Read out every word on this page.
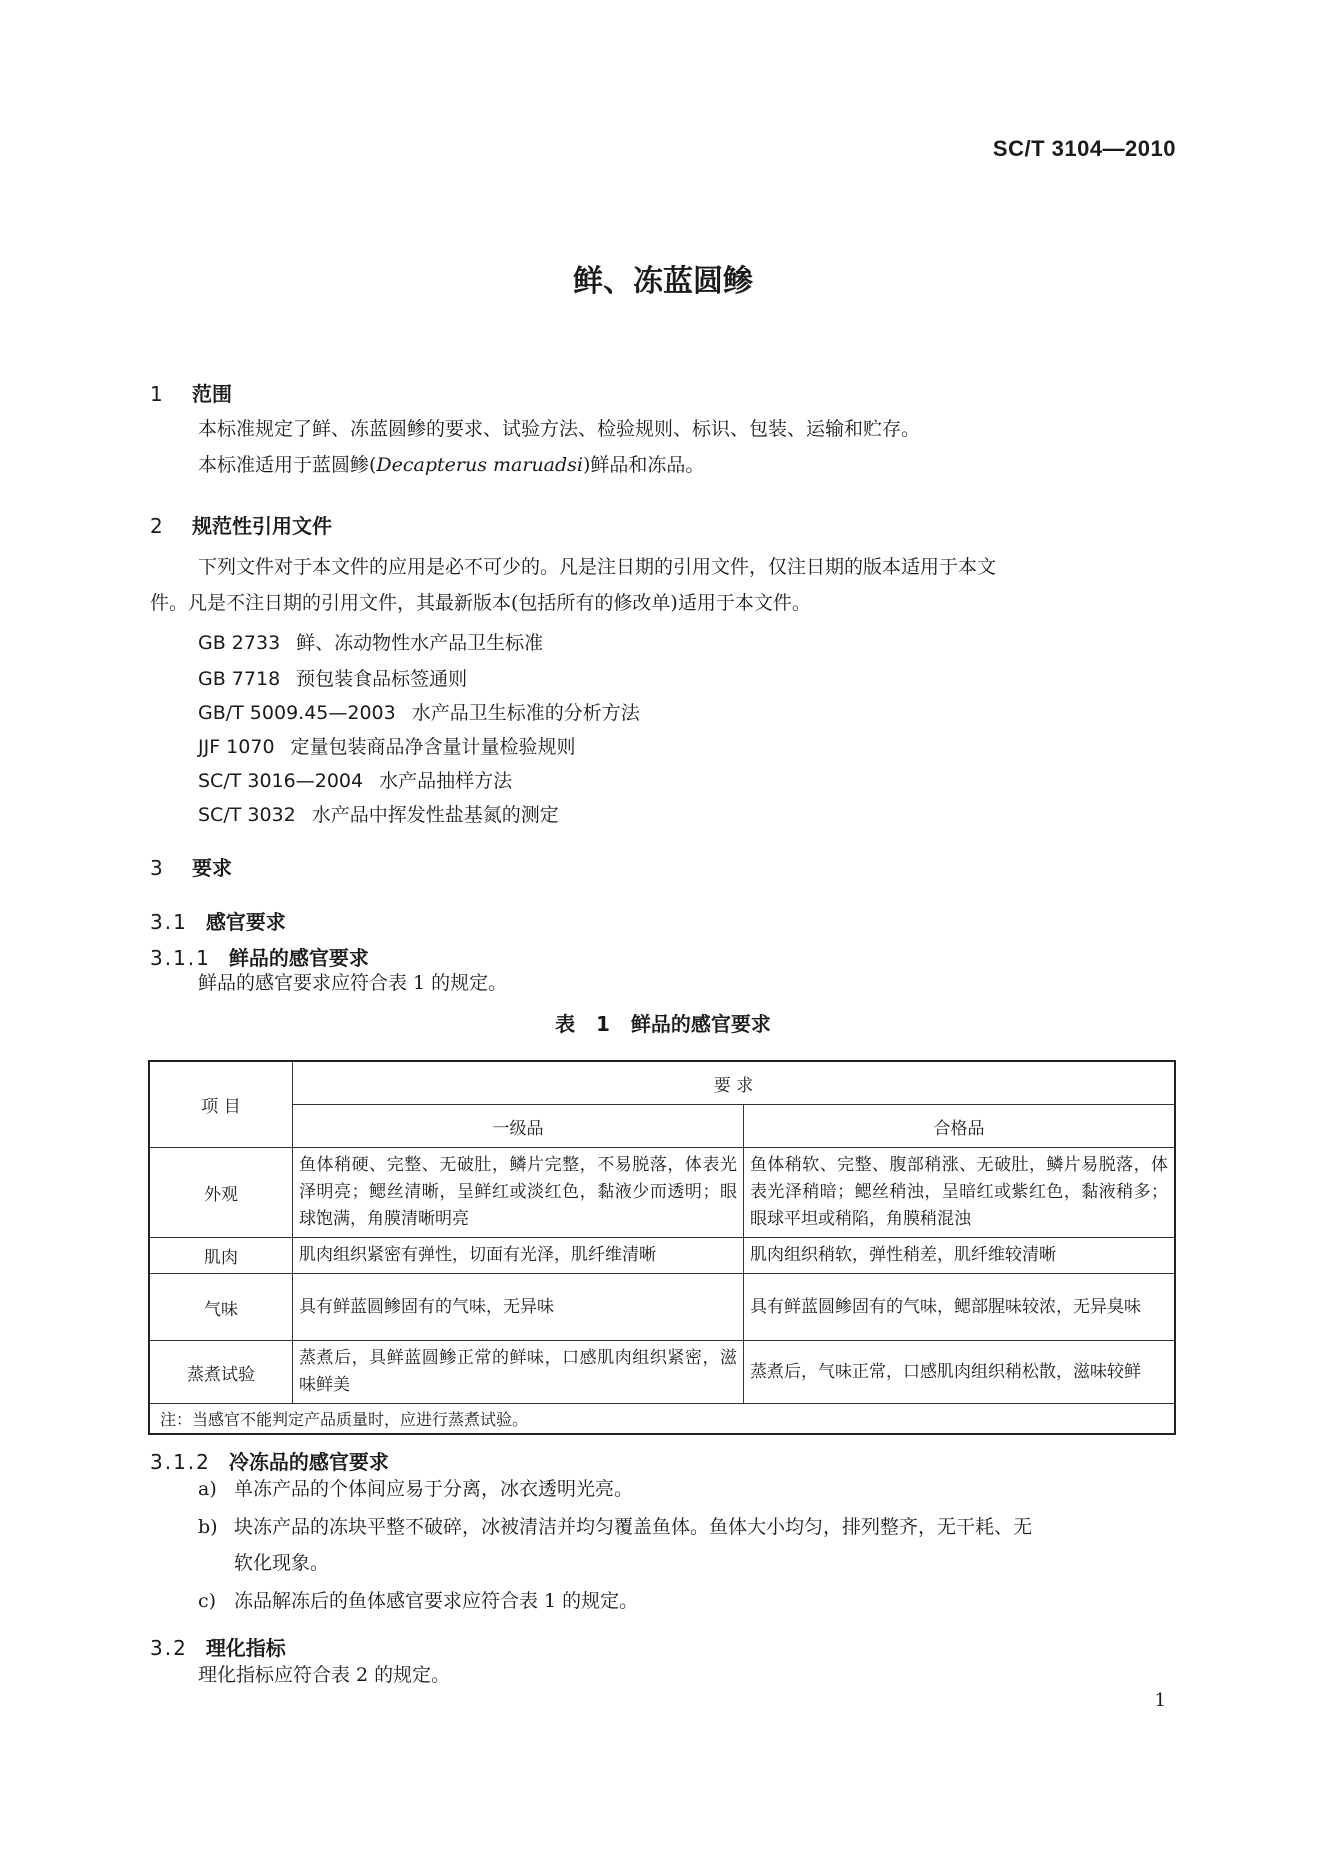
SC/T 3104—2010
鲜、冻蓝圆鲹
1 范围
本标准规定了鲜、冻蓝圆鲹的要求、试验方法、检验规则、标识、包装、运输和贮存。
本标准适用于蓝圆鲹(Decapterus maruadsi)鲜品和冻品。
2 规范性引用文件
下列文件对于本文件的应用是必不可少的。凡是注日期的引用文件，仅注日期的版本适用于本文
件。凡是不注日期的引用文件，其最新版本(包括所有的修改单)适用于本文件。
GB 2733 鲜、冻动物性水产品卫生标准
GB 7718 预包装食品标签通则
GB/T 5009.45—2003 水产品卫生标准的分析方法
JJF 1070 定量包装商品净含量计量检验规则
SC/T 3016—2004 水产品抽样方法
SC/T 3032 水产品中挥发性盐基氮的测定
3 要求
3.1 感官要求
3.1.1 鲜品的感官要求
鲜品的感官要求应符合表 1 的规定。
表 1 鲜品的感官要求
项 目	要 求	
	一级品	合格品
外观	鱼体稍硬、完整、无破肚，鳞片完整，不易脱落，体表光泽明亮；鳃丝清晰，呈鲜红或淡红色，黏液少而透明；眼球饱满，角膜清晰明亮	鱼体稍软、完整、腹部稍涨、无破肚，鳞片易脱落，体表光泽稍暗；鳃丝稍浊，呈暗红或紫红色，黏液稍多；眼球平坦或稍陷，角膜稍混浊
肌肉	肌肉组织紧密有弹性，切面有光泽，肌纤维清晰	肌肉组织稍软，弹性稍差，肌纤维较清晰
气味	具有鲜蓝圆鲹固有的气味，无异味	具有鲜蓝圆鲹固有的气味，鳃部腥味较浓，无异臭味
蒸煮试验	蒸煮后，具鲜蓝圆鲹正常的鲜味，口感肌肉组织紧密，滋味鲜美	蒸煮后，气味正常，口感肌肉组织稍松散，滋味较鲜
注：当感官不能判定产品质量时，应进行蒸煮试验。		
3.1.2 冷冻品的感官要求
a) 单冻产品的个体间应易于分离，冰衣透明光亮。
b) 块冻产品的冻块平整不破碎，冰被清洁并均匀覆盖鱼体。鱼体大小均匀，排列整齐，无干耗、无
软化现象。
c) 冻品解冻后的鱼体感官要求应符合表 1 的规定。
3.2 理化指标
理化指标应符合表 2 的规定。
1
